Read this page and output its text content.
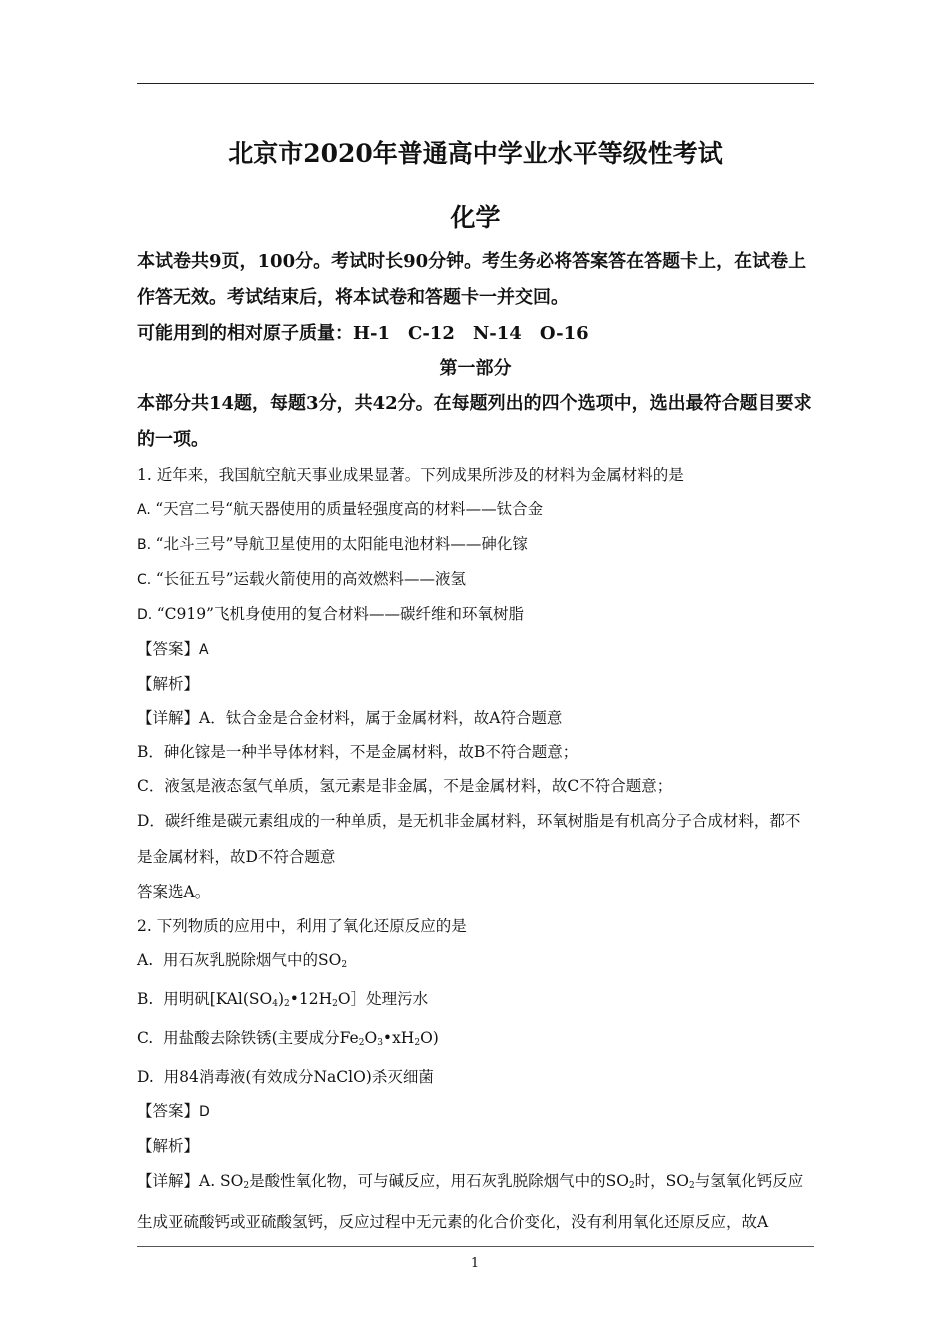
北京市2020年普通高中学业水平等级性考试

化学

本试卷共9页，100分。考试时长90分钟。考生务必将答案答在答题卡上，在试卷上作答无效。考试结束后，将本试卷和答题卡一并交回。

可能用到的相对原子质量：H-1　C-12　N-14　O-16

第一部分

本部分共14题，每题3分，共42分。在每题列出的四个选项中，选出最符合题目要求的一项。

1. 近年来，我国航空航天事业成果显著。下列成果所涉及的材料为金属材料的是

A. “天宫二号“航天器使用的质量轻强度高的材料——钛合金

B. “北斗三号”导航卫星使用的太阳能电池材料——砷化镓

C. “长征五号”运载火箭使用的高效燃料——液氢

D. “C919”飞机身使用的复合材料——碳纤维和环氧树脂

【答案】A

【解析】

【详解】A．钛合金是合金材料，属于金属材料，故A符合题意

B．砷化镓是一种半导体材料，不是金属材料，故B不符合题意；

C．液氢是液态氢气单质，氢元素是非金属，不是金属材料，故C不符合题意；

D．碳纤维是碳元素组成的一种单质，是无机非金属材料，环氧树脂是有机高分子合成材料，都不是金属材料，故D不符合题意

答案选A。

2. 下列物质的应用中，利用了氧化还原反应的是

A. 用石灰乳脱除烟气中的$SO_2$

B. 用明矾[$KAl(SO_4)_2•12H_2O]$处理污水

C. 用盐酸去除铁锈(主要成分$Fe_2O_3•xH_2O$)

D. 用84消毒液(有效成分NaClO)杀灭细菌

【答案】D

【解析】

【详解】A. $SO_2$是酸性氧化物，可与碱反应，用石灰乳脱除烟气中的$SO_2$时，$SO_2$与氢氧化钙反应生成亚硫酸钙或亚硫酸氢钙，反应过程中无元素的化合价变化，没有利用氧化还原反应，故A

1
